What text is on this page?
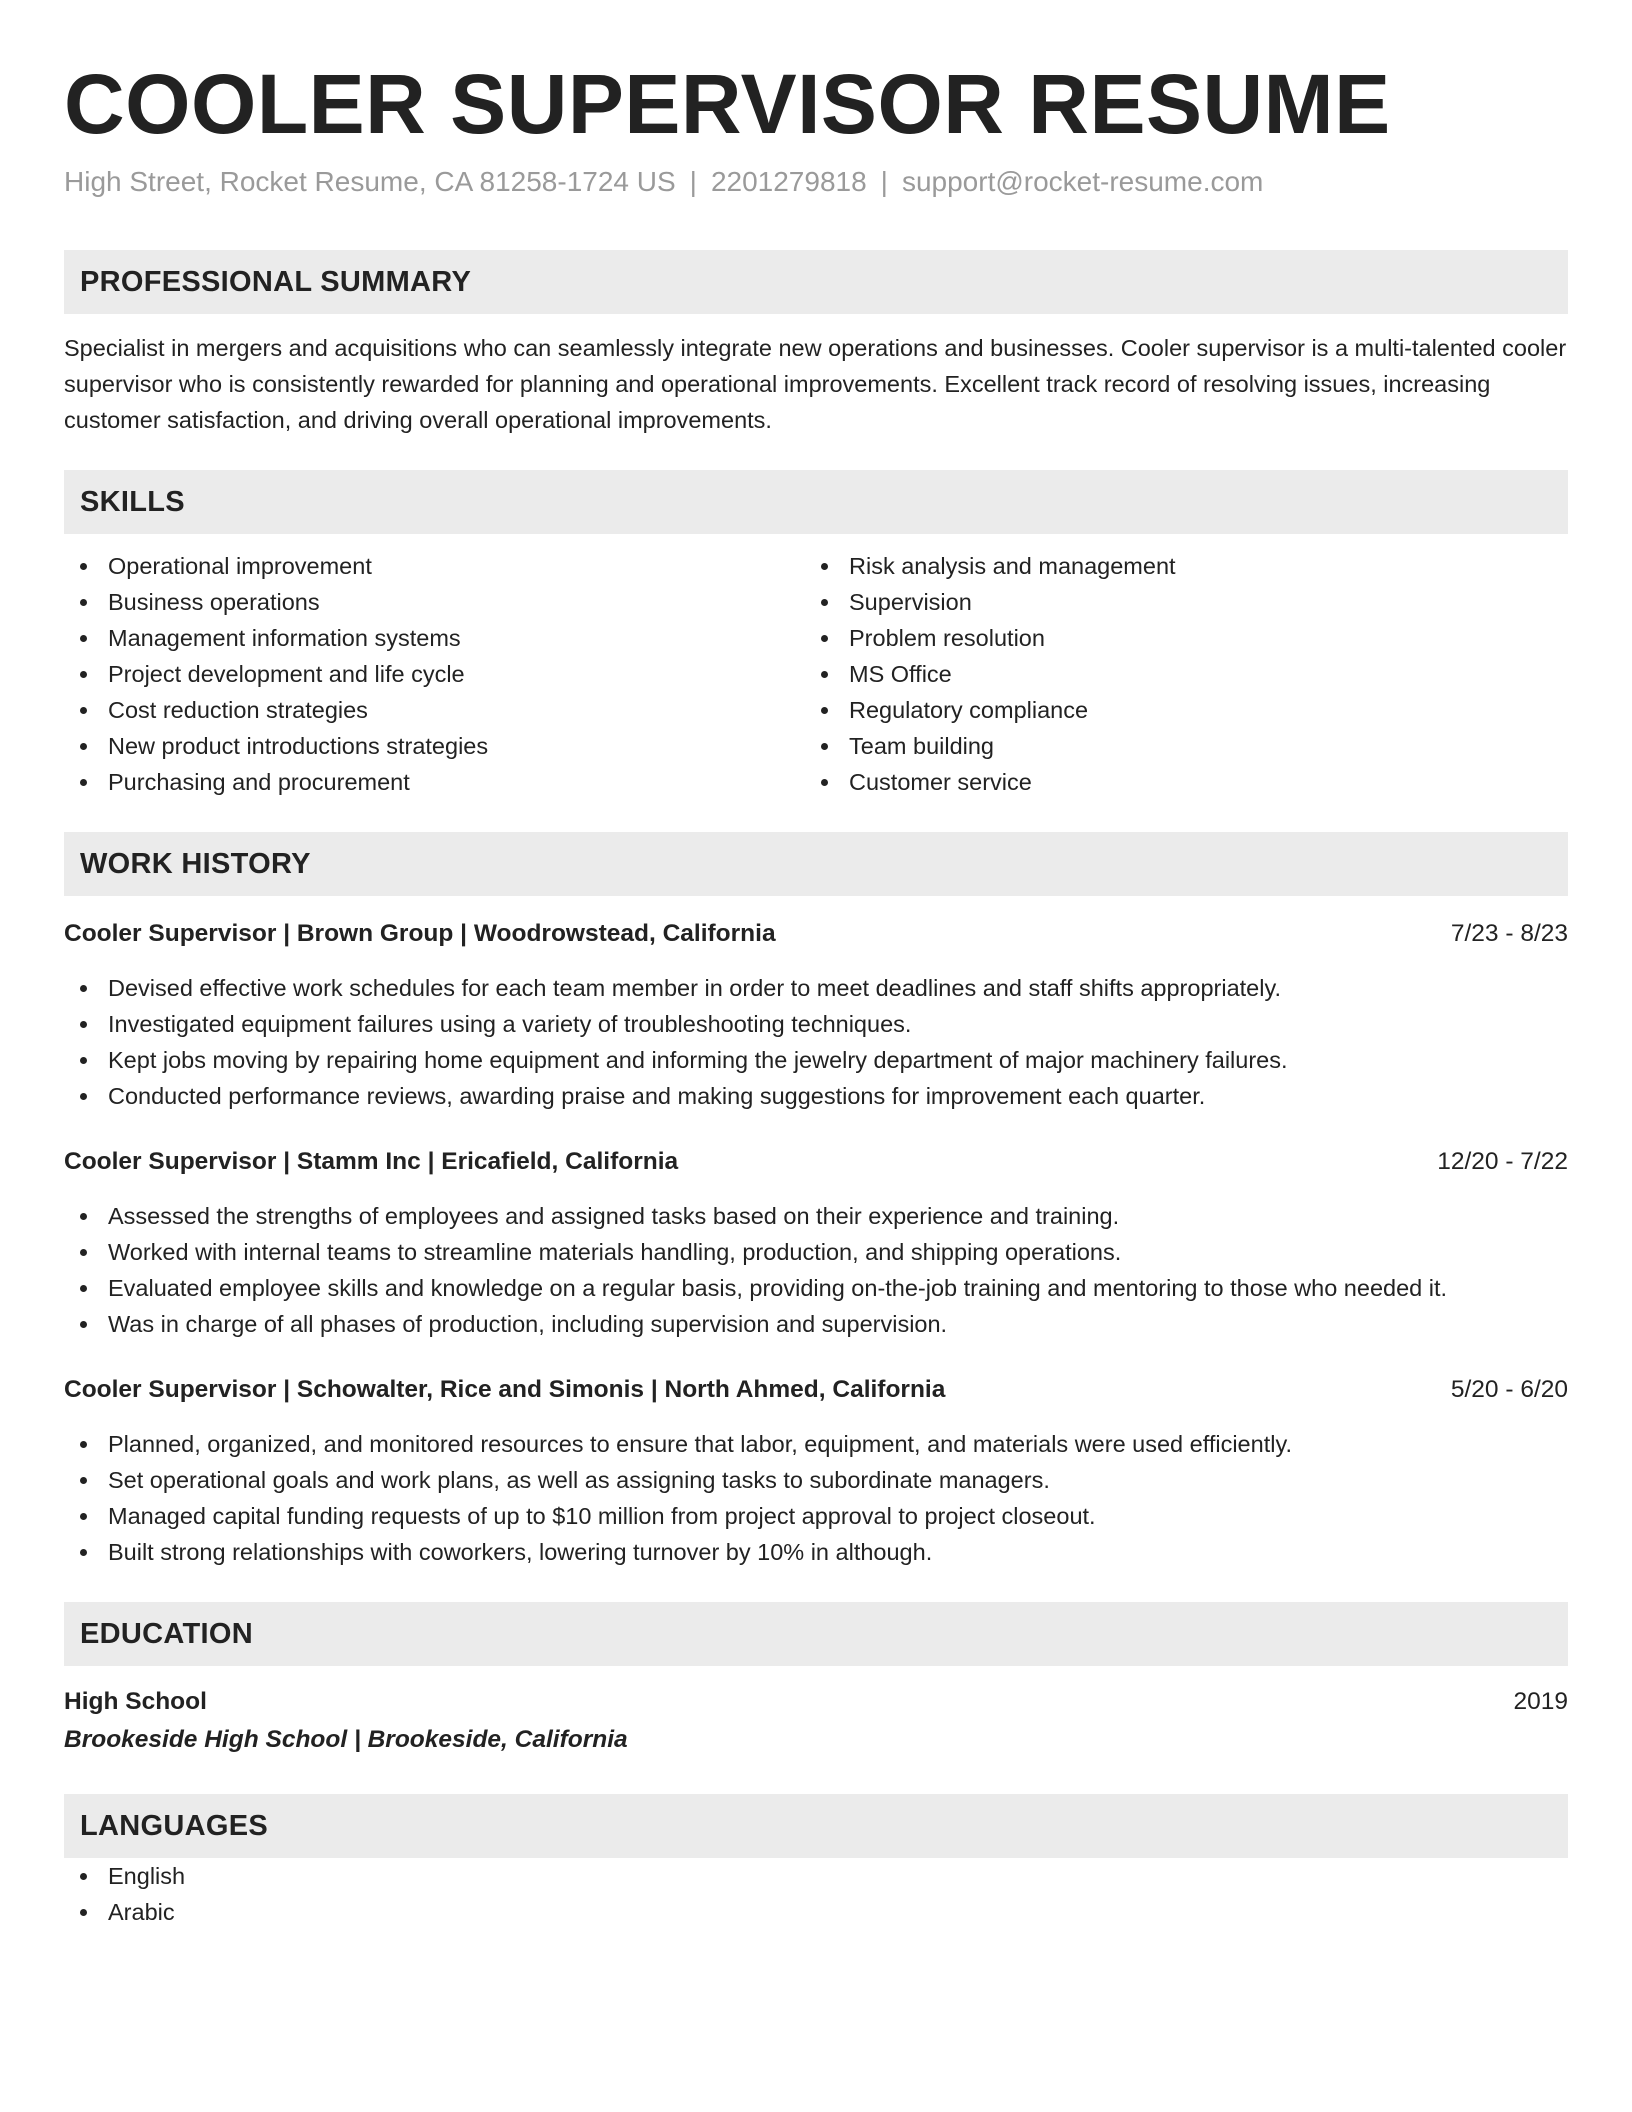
COOLER SUPERVISOR RESUME
High Street, Rocket Resume, CA 81258-1724 US | 2201279818 | support@rocket-resume.com
PROFESSIONAL SUMMARY
Specialist in mergers and acquisitions who can seamlessly integrate new operations and businesses. Cooler supervisor is a multi-talented cooler supervisor who is consistently rewarded for planning and operational improvements. Excellent track record of resolving issues, increasing customer satisfaction, and driving overall operational improvements.
SKILLS
Operational improvement
Business operations
Management information systems
Project development and life cycle
Cost reduction strategies
New product introductions strategies
Purchasing and procurement
Risk analysis and management
Supervision
Problem resolution
MS Office
Regulatory compliance
Team building
Customer service
WORK HISTORY
Cooler Supervisor | Brown Group | Woodrowstead, California	7/23 - 8/23
Devised effective work schedules for each team member in order to meet deadlines and staff shifts appropriately.
Investigated equipment failures using a variety of troubleshooting techniques.
Kept jobs moving by repairing home equipment and informing the jewelry department of major machinery failures.
Conducted performance reviews, awarding praise and making suggestions for improvement each quarter.
Cooler Supervisor | Stamm Inc | Ericafield, California	12/20 - 7/22
Assessed the strengths of employees and assigned tasks based on their experience and training.
Worked with internal teams to streamline materials handling, production, and shipping operations.
Evaluated employee skills and knowledge on a regular basis, providing on-the-job training and mentoring to those who needed it.
Was in charge of all phases of production, including supervision and supervision.
Cooler Supervisor | Schowalter, Rice and Simonis | North Ahmed, California	5/20 - 6/20
Planned, organized, and monitored resources to ensure that labor, equipment, and materials were used efficiently.
Set operational goals and work plans, as well as assigning tasks to subordinate managers.
Managed capital funding requests of up to $10 million from project approval to project closeout.
Built strong relationships with coworkers, lowering turnover by 10% in although.
EDUCATION
High School	2019
Brookeside High School | Brookeside, California
LANGUAGES
English
Arabic
